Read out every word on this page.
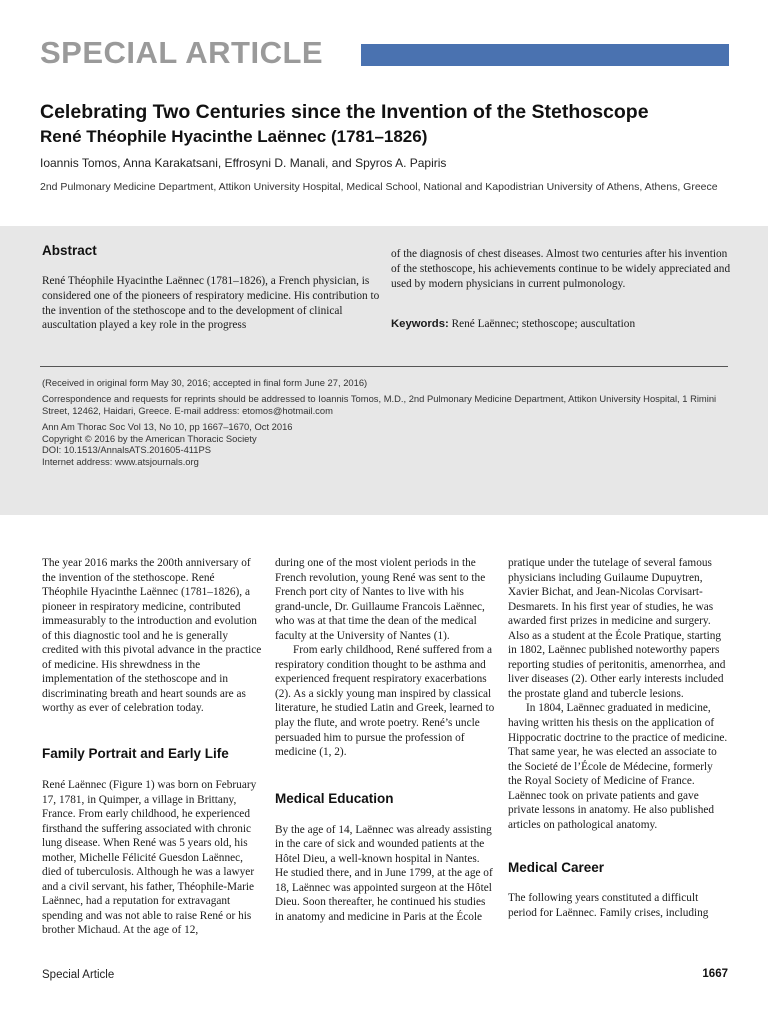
SPECIAL ARTICLE
Celebrating Two Centuries since the Invention of the Stethoscope
René Théophile Hyacinthe Laënnec (1781–1826)
Ioannis Tomos, Anna Karakatsani, Effrosyni D. Manali, and Spyros A. Papiris
2nd Pulmonary Medicine Department, Attikon University Hospital, Medical School, National and Kapodistrian University of Athens, Athens, Greece
Abstract
René Théophile Hyacinthe Laënnec (1781–1826), a French physician, is considered one of the pioneers of respiratory medicine. His contribution to the invention of the stethoscope and to the development of clinical auscultation played a key role in the progress
of the diagnosis of chest diseases. Almost two centuries after his invention of the stethoscope, his achievements continue to be widely appreciated and used by modern physicians in current pulmonology.
Keywords: René Laënnec; stethoscope; auscultation
(Received in original form May 30, 2016; accepted in final form June 27, 2016)
Correspondence and requests for reprints should be addressed to Ioannis Tomos, M.D., 2nd Pulmonary Medicine Department, Attikon University Hospital, 1 Rimini Street, 12462, Haidari, Greece. E-mail address: etomos@hotmail.com
Ann Am Thorac Soc Vol 13, No 10, pp 1667–1670, Oct 2016
Copyright © 2016 by the American Thoracic Society
DOI: 10.1513/AnnalsATS.201605-411PS
Internet address: www.atsjournals.org

The year 2016 marks the 200th anniversary of the invention of the stethoscope. René Théophile Hyacinthe Laënnec (1781–1826), a pioneer in respiratory medicine, contributed immeasurably to the introduction and evolution of this diagnostic tool and he is generally credited with this pivotal advance in the practice of medicine. His shrewdness in the implementation of the stethoscope and in discriminating breath and heart sounds are as worthy as ever of celebration today.

Family Portrait and Early Life

René Laënnec (Figure 1) was born on February 17, 1781, in Quimper, a village in Brittany, France. From early childhood, he experienced firsthand the suffering associated with chronic lung disease. When René was 5 years old, his mother, Michelle Félicité Guesdon Laënnec, died of tuberculosis. Although he was a lawyer and a civil servant, his father, Théophile-Marie Laënnec, had a reputation for extravagant spending and was not able to raise René or his brother Michaud. At the age of 12,

during one of the most violent periods in the French revolution, young René was sent to the French port city of Nantes to live with his grand-uncle, Dr. Guillaume Francois Laënnec, who was at that time the dean of the medical faculty at the University of Nantes (1).

From early childhood, René suffered from a respiratory condition thought to be asthma and experienced frequent respiratory exacerbations (2). As a sickly young man inspired by classical literature, he studied Latin and Greek, learned to play the flute, and wrote poetry. René’s uncle persuaded him to pursue the profession of medicine (1, 2).

Medical Education

By the age of 14, Laënnec was already assisting in the care of sick and wounded patients at the Hôtel Dieu, a well-known hospital in Nantes. He studied there, and in June 1799, at the age of 18, Laënnec was appointed surgeon at the Hôtel Dieu. Soon thereafter, he continued his studies in anatomy and medicine in Paris at the École

pratique under the tutelage of several famous physicians including Guilaume Dupuytren, Xavier Bichat, and Jean-Nicolas Corvisart-Desmarets. In his first year of studies, he was awarded first prizes in medicine and surgery. Also as a student at the École Pratique, starting in 1802, Laënnec published noteworthy papers reporting studies of peritonitis, amenorrhea, and liver diseases (2). Other early interests included the prostate gland and tubercle lesions.

In 1804, Laënnec graduated in medicine, having written his thesis on the application of Hippocratic doctrine to the practice of medicine. That same year, he was elected an associate to the Societé de l’École de Médecine, formerly the Royal Society of Medicine of France. Laënnec took on private patients and gave private lessons in anatomy. He also published articles on pathological anatomy.

Medical Career

The following years constituted a difficult period for Laënnec. Family crises, including

Special Article	1667
